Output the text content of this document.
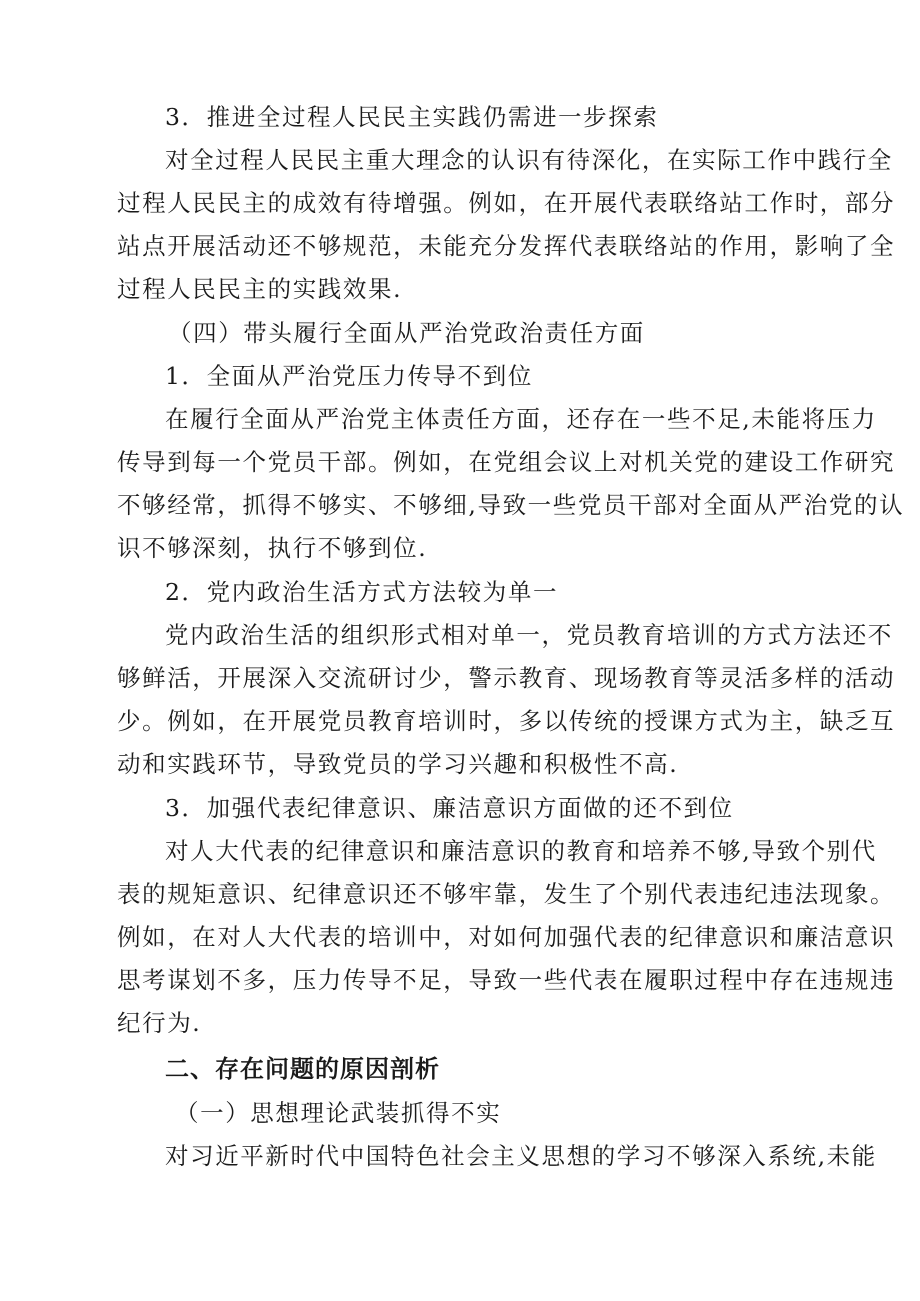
3．推进全过程人民民主实践仍需进一步探索
对全过程人民民主重大理念的认识有待深化，在实际工作中践行全
过程人民民主的成效有待增强。例如，在开展代表联络站工作时，部分
站点开展活动还不够规范，未能充分发挥代表联络站的作用，影响了全
过程人民民主的实践效果.
（四）带头履行全面从严治党政治责任方面
1．全面从严治党压力传导不到位
在履行全面从严治党主体责任方面，还存在一些不足,未能将压力
传导到每一个党员干部。例如，在党组会议上对机关党的建设工作研究
不够经常，抓得不够实、不够细,导致一些党员干部对全面从严治党的认
识不够深刻，执行不够到位.
2．党内政治生活方式方法较为单一
党内政治生活的组织形式相对单一，党员教育培训的方式方法还不
够鲜活，开展深入交流研讨少，警示教育、现场教育等灵活多样的活动
少。例如，在开展党员教育培训时，多以传统的授课方式为主，缺乏互
动和实践环节，导致党员的学习兴趣和积极性不高.
3．加强代表纪律意识、廉洁意识方面做的还不到位
对人大代表的纪律意识和廉洁意识的教育和培养不够,导致个别代
表的规矩意识、纪律意识还不够牢靠，发生了个别代表违纪违法现象。
例如，在对人大代表的培训中，对如何加强代表的纪律意识和廉洁意识
思考谋划不多，压力传导不足，导致一些代表在履职过程中存在违规违
纪行为.
二、存在问题的原因剖析
（一）思想理论武装抓得不实
对习近平新时代中国特色社会主义思想的学习不够深入系统,未能
